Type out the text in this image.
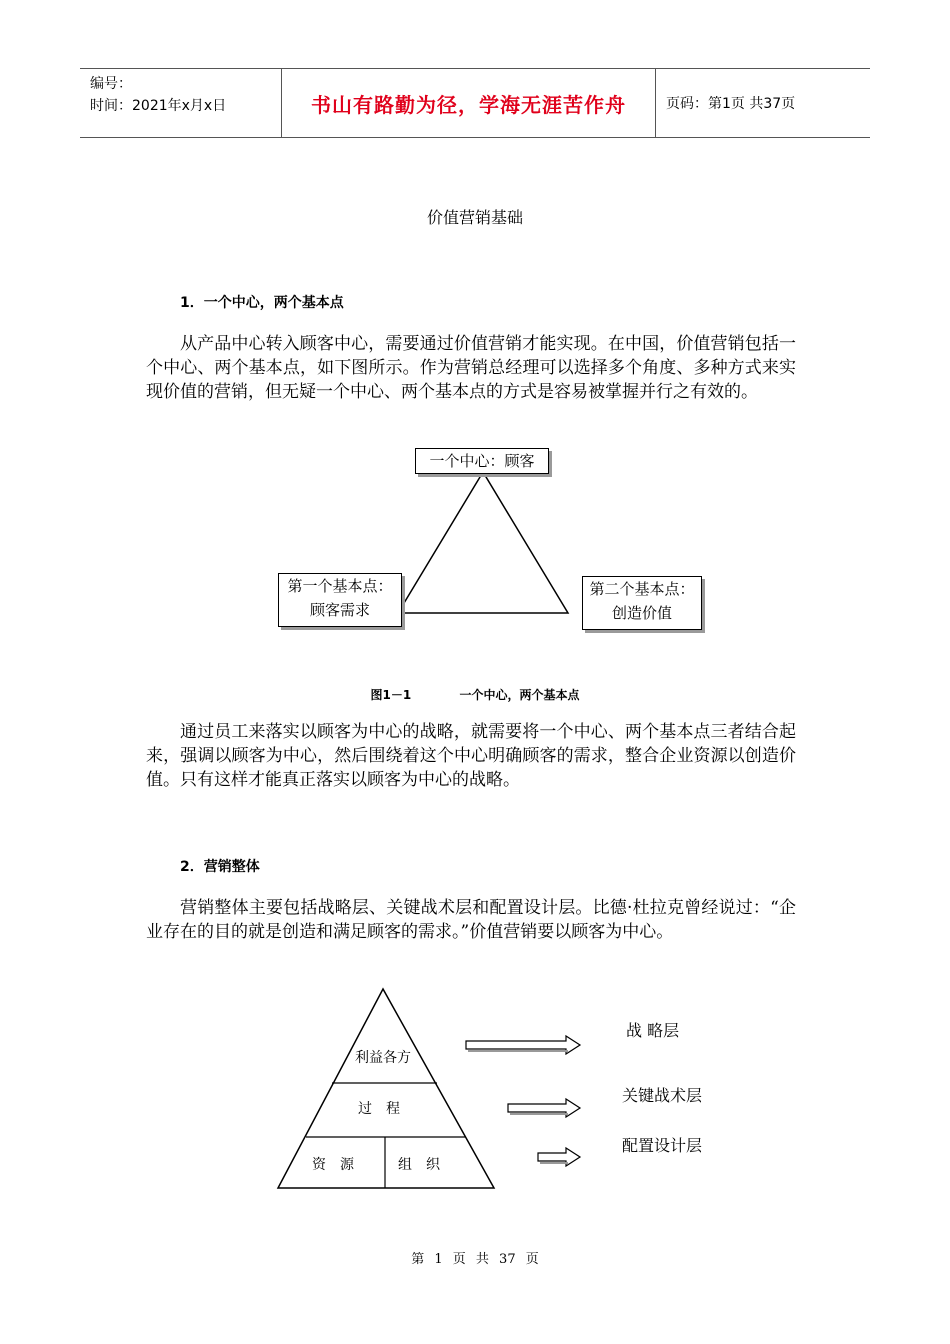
编号：
时间：2021年x月x日	书山有路勤为径，学海无涯苦作舟	页码：第1页 共37页
价值营销基础
1．一个中心，两个基本点
从产品中心转入顾客中心，需要通过价值营销才能实现。在中国，价值营销包括一个中心、两个基本点，如下图所示。作为营销总经理可以选择多个角度、多种方式来实现价值的营销，但无疑一个中心、两个基本点的方式是容易被掌握并行之有效的。
一个中心：顾客
第一个基本点：
顾客需求
第二个基本点：
创造价值
图1－1	一个中心，两个基本点
通过员工来落实以顾客为中心的战略，就需要将一个中心、两个基本点三者结合起来，强调以顾客为中心，然后围绕着这个中心明确顾客的需求，整合企业资源以创造价值。只有这样才能真正落实以顾客为中心的战略。
2．营销整体
营销整体主要包括战略层、关键战术层和配置设计层。比德·杜拉克曾经说过：“企业存在的目的就是创造和满足顾客的需求。”价值营销要以顾客为中心。
利益各方
过　程
资　源	组　织
战 略层
关键战术层
配置设计层
第 1 页 共 37 页
